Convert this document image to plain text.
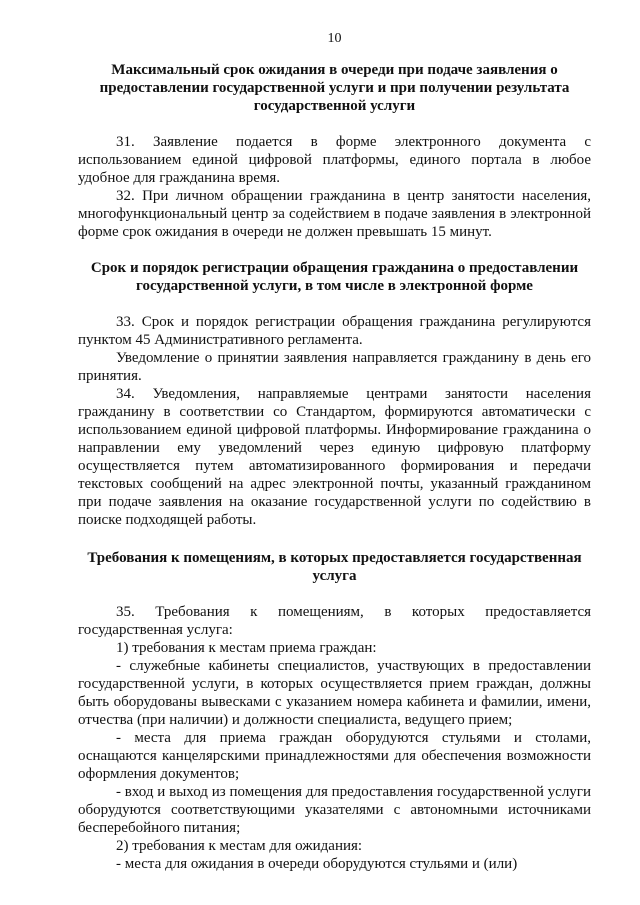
10
Максимальный срок ожидания в очереди при подаче заявления о предоставлении государственной услуги и при получении результата государственной услуги

31. Заявление подается в форме электронного документа с использованием единой цифровой платформы, единого портала в любое удобное для гражданина время.

32. При личном обращении гражданина в центр занятости населения, многофункциональный центр за содействием в подаче заявления в электронной форме срок ожидания в очереди не должен превышать 15 минут.

Срок и порядок регистрации обращения гражданина о предоставлении государственной услуги, в том числе в электронной форме

33. Срок и порядок регистрации обращения гражданина регулируются пунктом 45 Административного регламента.

Уведомление о принятии заявления направляется гражданину в день его принятия.

34. Уведомления, направляемые центрами занятости населения гражданину в соответствии со Стандартом, формируются автоматически с использованием единой цифровой платформы. Информирование гражданина о направлении ему уведомлений через единую цифровую платформу осуществляется путем автоматизированного формирования и передачи текстовых сообщений на адрес электронной почты, указанный гражданином при подаче заявления на оказание государственной услуги по содействию в поиске подходящей работы.

Требования к помещениям, в которых предоставляется государственная услуга

35. Требования к помещениям, в которых предоставляется государственная услуга:

1) требования к местам приема граждан:

- служебные кабинеты специалистов, участвующих в предоставлении государственной услуги, в которых осуществляется прием граждан, должны быть оборудованы вывесками с указанием номера кабинета и фамилии, имени, отчества (при наличии) и должности специалиста, ведущего прием;

- места для приема граждан оборудуются стульями и столами, оснащаются канцелярскими принадлежностями для обеспечения возможности оформления документов;

- вход и выход из помещения для предоставления государственной услуги оборудуются соответствующими указателями с автономными источниками бесперебойного питания;

2) требования к местам для ожидания:

- места для ожидания в очереди оборудуются стульями и (или)
